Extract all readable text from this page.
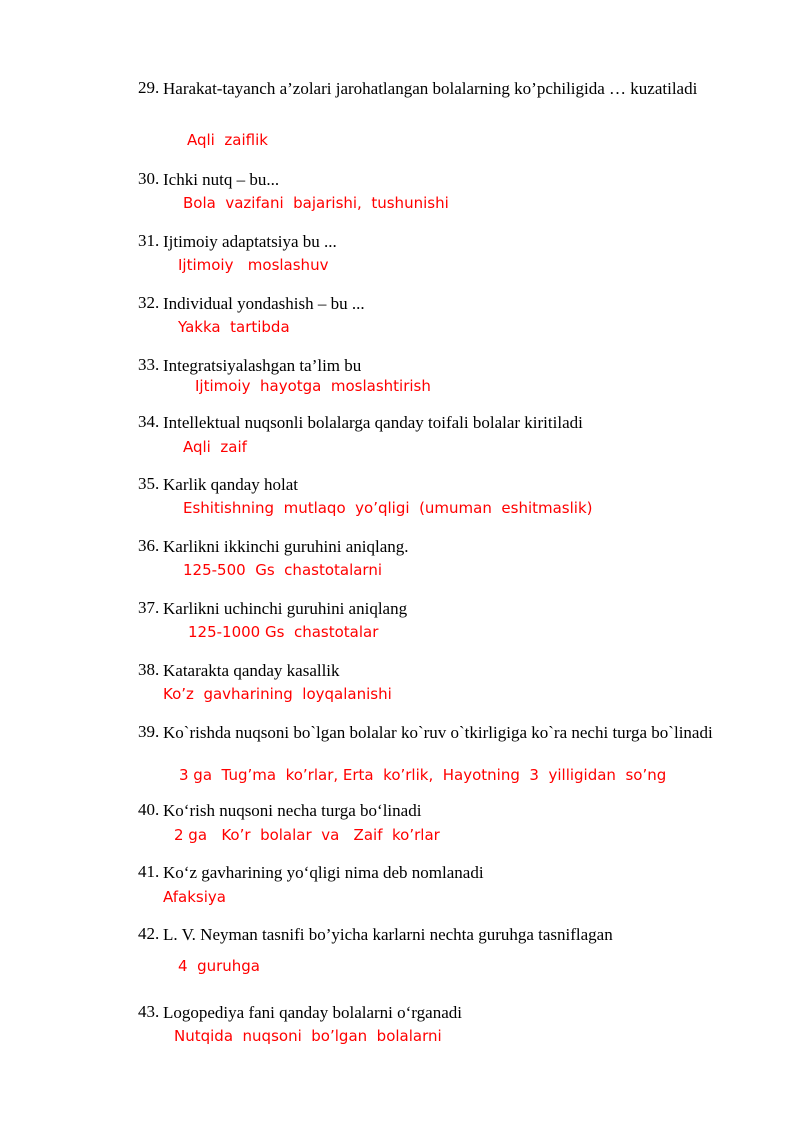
29. Harakat-tayanch a’zolari jarohatlangan bolalarning ko’pchiligida … kuzatiladi
Aqli  zaiflik
30. Ichki nutq – bu...
Bola  vazifani  bajarishi,  tushunishi
31. Ijtimoiy adaptatsiya bu ...
Ijtimoiy   moslashuv
32. Individual yondashish – bu ...
Yakka  tartibda
33. Integratsiyalashgan ta’lim bu
Ijtimoiy  hayotga  moslashtirish
34. Intellektual nuqsonli bolalarga qanday toifali bolalar kiritiladi
Aqli  zaif
35. Karlik qanday holat
Eshitishning  mutlaqo  yo’qligi  (umuman  eshitmaslik)
36. Karlikni ikkinchi guruhini aniqlang.
125-500  Gs  chastotalarni
37. Karlikni uchinchi guruhini aniqlang
125-1000 Gs  chastotalar
38. Katarakta qanday kasallik
Ko’z  gavharining  loyqalanishi
39. Ko`rishda nuqsoni bo`lgan bolalar ko`ruv o`tkirligiga ko`ra nechi turga bo`linadi
3 ga  Tug’ma  ko’rlar, Erta  ko’rlik,  Hayotning  3  yilligidan  so’ng
40. Ko‘rish nuqsoni necha turga bo‘linadi
2 ga   Ko’r  bolalar  va   Zaif  ko’rlar
41. Ko‘z gavharining yo‘qligi nima deb nomlanadi
Afaksiya
42. L. V. Neyman tasnifi bo’yicha karlarni nechta guruhga tasniflagan
4  guruhga
43. Logopediya fani qanday bolalarni o‘rganadi
Nutqida  nuqsoni  bo’lgan  bolalarni
